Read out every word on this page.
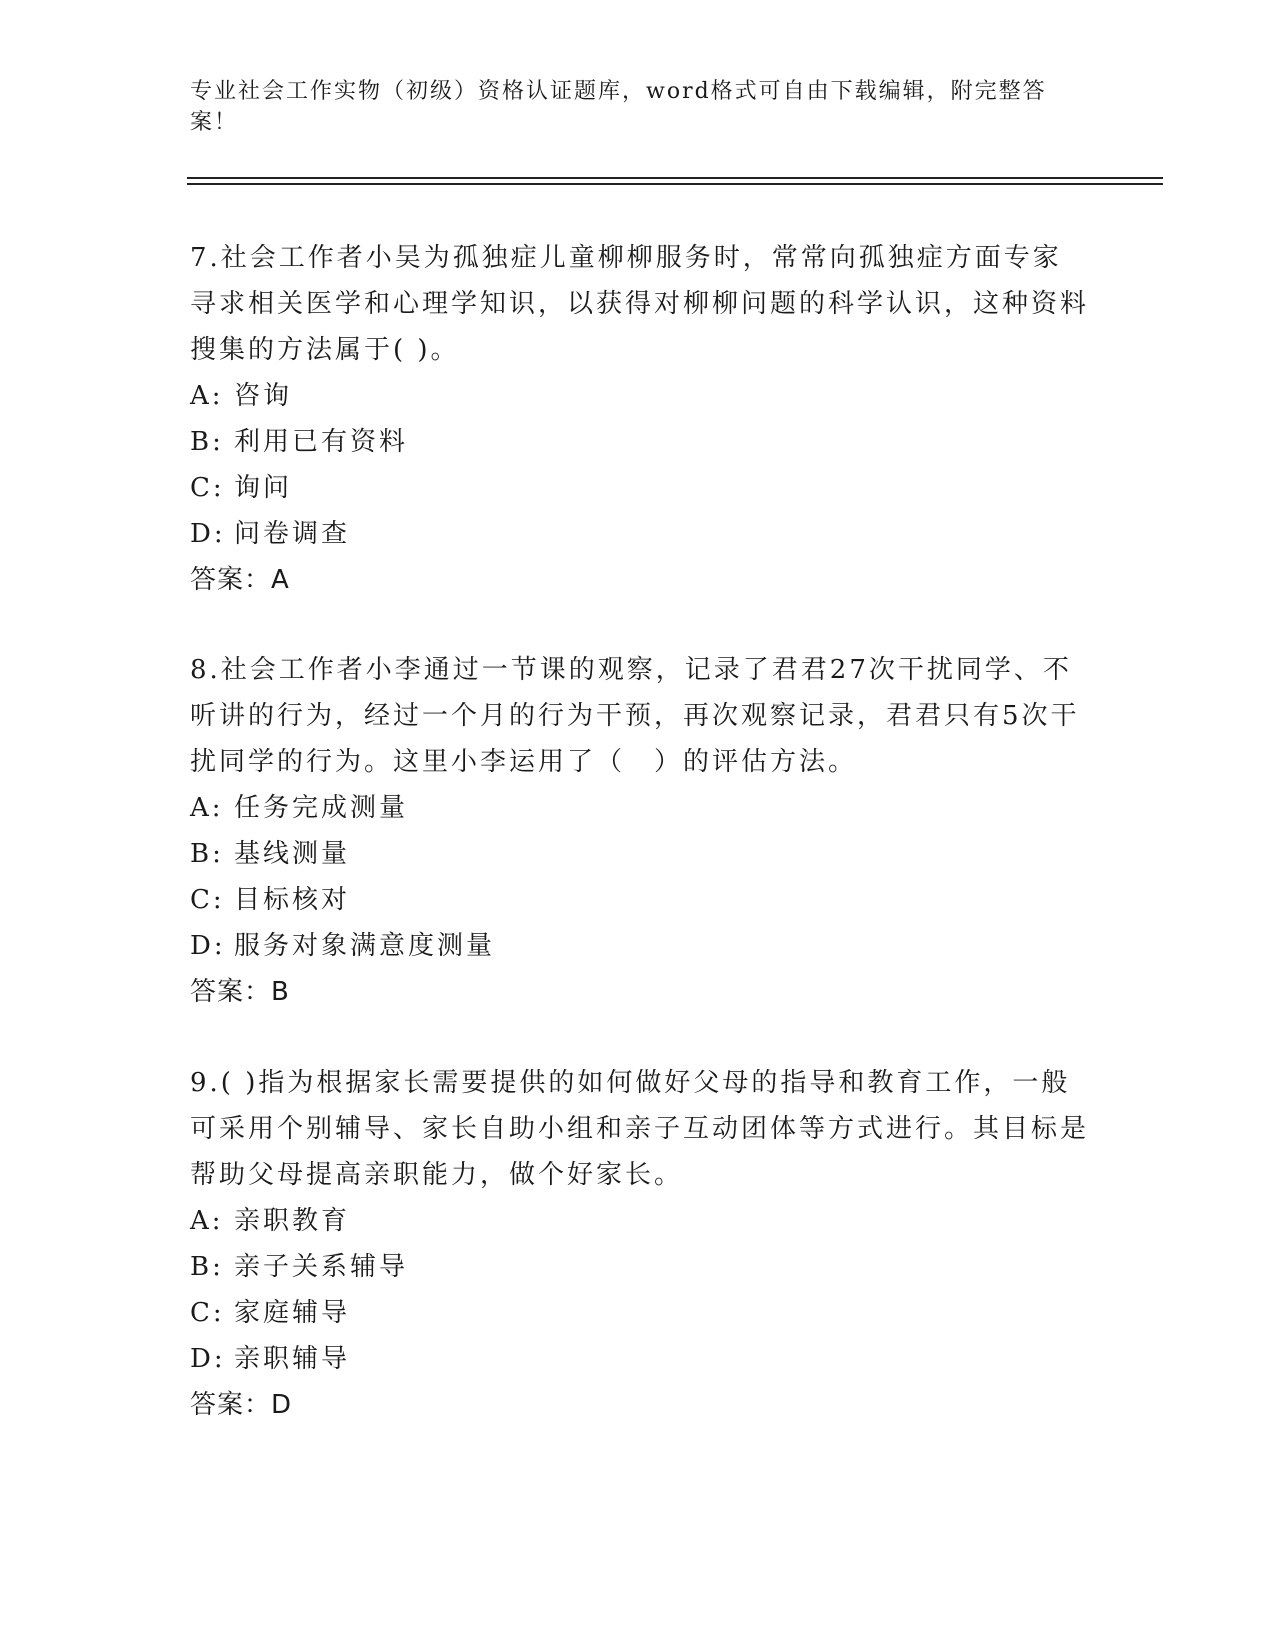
专业社会工作实物（初级）资格认证题库，word格式可自由下载编辑，附完整答案！

7.社会工作者小吴为孤独症儿童柳柳服务时，常常向孤独症方面专家寻求相关医学和心理学知识，以获得对柳柳问题的科学认识，这种资料搜集的方法属于( )。

A: 咨询
B: 利用已有资料
C: 询问
D: 问卷调查

答案：A

8.社会工作者小李通过一节课的观察，记录了君君27次干扰同学、不听讲的行为，经过一个月的行为干预，再次观察记录，君君只有5次干扰同学的行为。这里小李运用了（　）的评估方法。

A: 任务完成测量
B: 基线测量
C: 目标核对
D: 服务对象满意度测量

答案：B

9.( )指为根据家长需要提供的如何做好父母的指导和教育工作，一般可采用个别辅导、家长自助小组和亲子互动团体等方式进行。其目标是帮助父母提高亲职能力，做个好家长。

A: 亲职教育
B: 亲子关系辅导
C: 家庭辅导
D: 亲职辅导

答案：D
